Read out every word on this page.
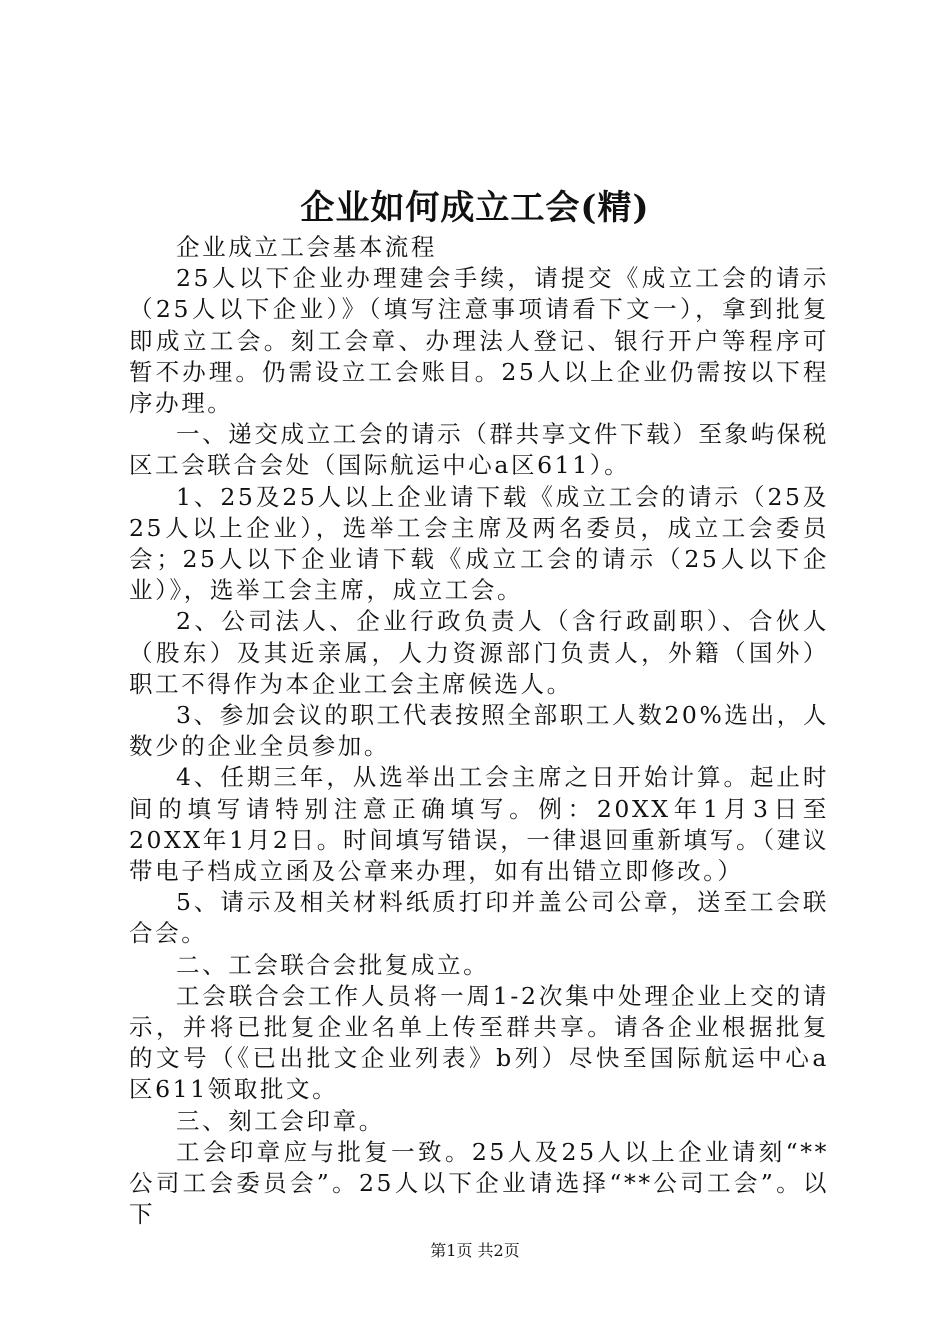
企业如何成立工会(精)

企业成立工会基本流程

25人以下企业办理建会手续，请提交《成立工会的请示（25人以下企业）》（填写注意事项请看下文一），拿到批复即成立工会。刻工会章、办理法人登记、银行开户等程序可暂不办理。仍需设立工会账目。25人以上企业仍需按以下程序办理。

一、递交成立工会的请示（群共享文件下载）至象屿保税区工会联合会处（国际航运中心a区611）。

1、25及25人以上企业请下载《成立工会的请示（25及25人以上企业），选举工会主席及两名委员，成立工会委员会；25人以下企业请下载《成立工会的请示（25人以下企业）》，选举工会主席，成立工会。

2、公司法人、企业行政负责人（含行政副职）、合伙人（股东）及其近亲属，人力资源部门负责人，外籍（国外）职工不得作为本企业工会主席候选人。

3、参加会议的职工代表按照全部职工人数20%选出，人数少的企业全员参加。

4、任期三年，从选举出工会主席之日开始计算。起止时间的填写请特别注意正确填写。例：20XX年1月3日至20XX年1月2日。时间填写错误，一律退回重新填写。（建议带电子档成立函及公章来办理，如有出错立即修改。）

5、请示及相关材料纸质打印并盖公司公章，送至工会联合会。

二、工会联合会批复成立。

工会联合会工作人员将一周1-2次集中处理企业上交的请示，并将已批复企业名单上传至群共享。请各企业根据批复的文号（《已出批文企业列表》b列）尽快至国际航运中心a区611领取批文。

三、刻工会印章。

工会印章应与批复一致。25人及25人以上企业请刻“**公司工会委员会”。25人以下企业请选择“**公司工会”。以下

第1页 共2页
